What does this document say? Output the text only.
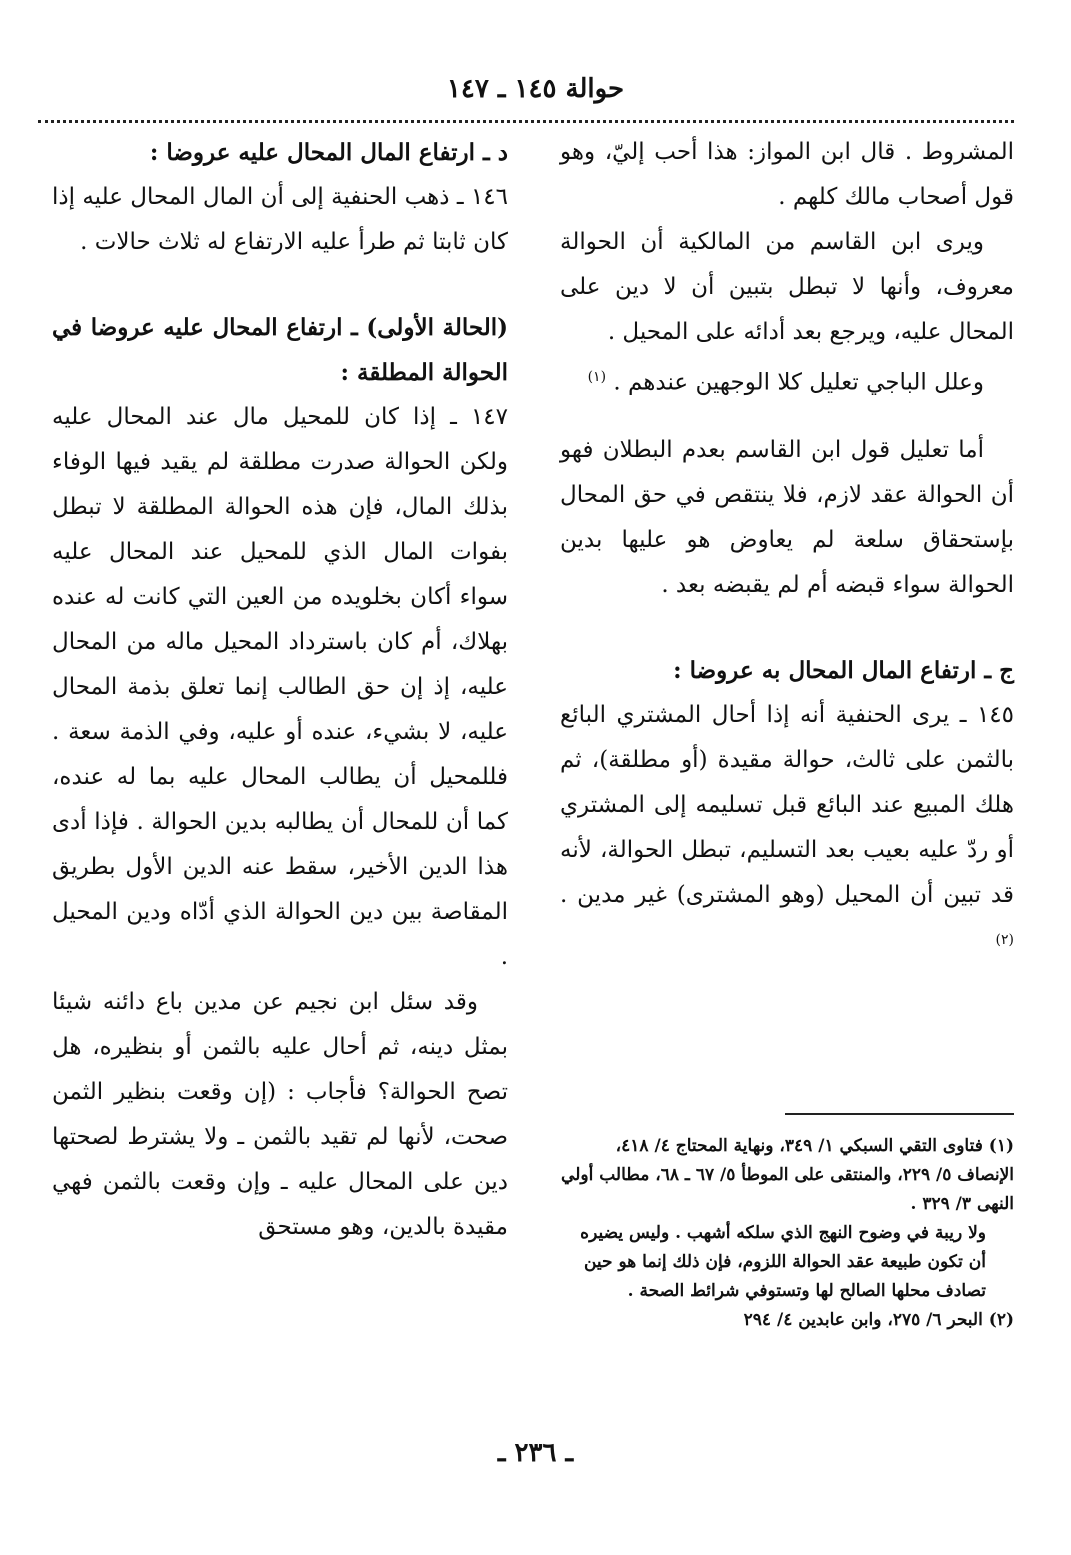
حوالة ١٤٥ ـ ١٤٧

المشروط . قال ابن المواز: هذا أحب إليّ، وهو قول أصحاب مالك كلهم .

ويرى ابن القاسم من المالكية أن الحوالة معروف، وأنها لا تبطل بتبين أن لا دين على المحال عليه، ويرجع بعد أدائه على المحيل .

وعلل الباجي تعليل كلا الوجهين عندهم . $^{(١)}$

أما تعليل قول ابن القاسم بعدم البطلان فهو أن الحوالة عقد لازم، فلا ينتقص في حق المحال بإستحقاق سلعة لم يعاوض هو عليها بدين الحوالة سواء قبضه أم لم يقبضه بعد .

ج ـ ارتفاع المال المحال به عروضا :

١٤٥ ـ يرى الحنفية أنه إذا أحال المشتري البائع بالثمن على ثالث، حوالة مقيدة (أو مطلقة)، ثم هلك المبيع عند البائع قبل تسليمه إلى المشتري أو ردّ عليه بعيب بعد التسليم، تبطل الحوالة، لأنه قد تبين أن المحيل (وهو المشترى) غير مدين . $^{(٢)}$

(١) فتاوى التقي السبكي ١/ ٣٤٩، ونهاية المحتاج ٤/ ٤١٨، الإنصاف ٥/ ٢٢٩، والمنتقى على الموطأ ٥/ ٦٧ ـ ٦٨، مطالب أولي النهى ٣/ ٣٢٩ .

ولا ريبة في وضوح النهج الذي سلكه أشهب . وليس يضيره أن تكون طبيعة عقد الحوالة اللزوم، فإن ذلك إنما هو حين تصادف محلها الصالح لها وتستوفي شرائط الصحة .

(٢) البحر ٦/ ٢٧٥، وابن عابدين ٤/ ٢٩٤

د ـ ارتفاع المال المحال عليه عروضا :

١٤٦ ـ ذهب الحنفية إلى أن المال المحال عليه إذا كان ثابتا ثم طرأ عليه الارتفاع له ثلاث حالات .

(الحالة الأولى) ـ ارتفاع المحال عليه عروضا في الحوالة المطلقة :

١٤٧ ـ إذا كان للمحيل مال عند المحال عليه ولكن الحوالة صدرت مطلقة لم يقيد فيها الوفاء بذلك المال، فإن هذه الحوالة المطلقة لا تبطل بفوات المال الذي للمحيل عند المحال عليه سواء أكان بخلويده من العين التي كانت له عنده بهلاك، أم كان باسترداد المحيل ماله من المحال عليه، إذ إن حق الطالب إنما تعلق بذمة المحال عليه، لا بشيء، عنده أو عليه، وفي الذمة سعة . فللمحيل أن يطالب المحال عليه بما له عنده، كما أن للمحال أن يطالبه بدين الحوالة . فإذا أدى هذا الدين الأخير، سقط عنه الدين الأول بطريق المقاصة بين دين الحوالة الذي أدّاه ودين المحيل .

وقد سئل ابن نجيم عن مدين باع دائنه شيئا بمثل دينه، ثم أحال عليه بالثمن أو بنظيره، هل تصح الحوالة؟ فأجاب : (إن وقعت بنظير الثمن صحت، لأنها لم تقيد بالثمن ـ ولا يشترط لصحتها دين على المحال عليه ـ وإن وقعت بالثمن فهي مقيدة بالدين، وهو مستحق

ـ ٢٣٦ ـ
